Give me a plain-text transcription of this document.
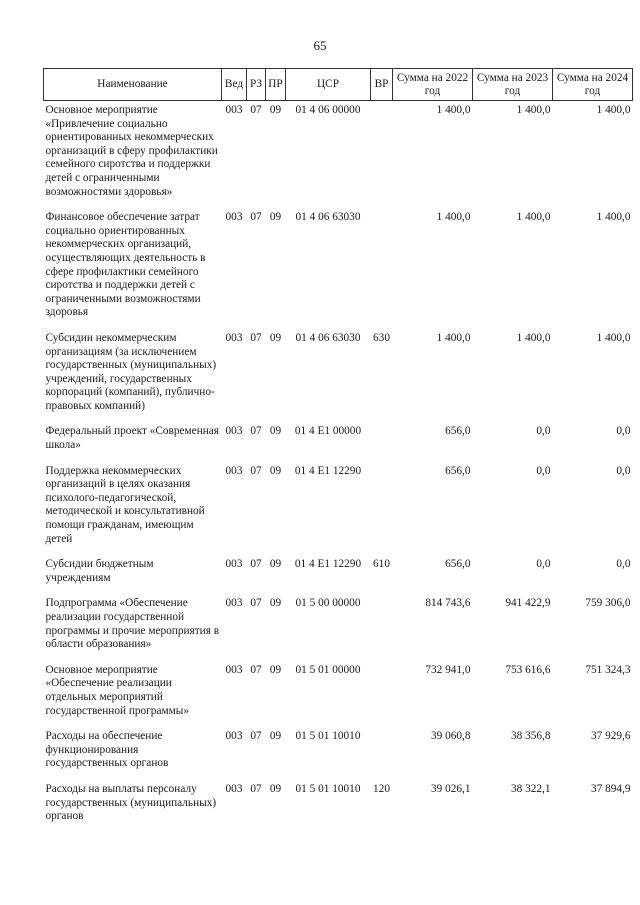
65
Наименование	Вед	РЗ	ПР	ЦСР	ВР	Сумма на 2022 год	Сумма на 2023 год	Сумма на 2024 год
Основное мероприятие «Привлечение социально ориентированных некоммерческих организаций в сферу профилактики семейного сиротства и поддержки детей с ограниченными возможностями здоровья»	003	07	09	01 4 06 00000		1 400,0	1 400,0	1 400,0
Финансовое обеспечение затрат социально ориентированных некоммерческих организаций, осуществляющих деятельность в сфере профилактики семейного сиротства и поддержки детей с ограниченными возможностями здоровья	003	07	09	01 4 06 63030		1 400,0	1 400,0	1 400,0
Субсидии некоммерческим организациям (за исключением государственных (муниципальных) учреждений, государственных корпораций (компаний), публично-правовых компаний)	003	07	09	01 4 06 63030	630	1 400,0	1 400,0	1 400,0
Федеральный проект «Современная школа»	003	07	09	01 4 E1 00000		656,0	0,0	0,0
Поддержка некоммерческих организаций в целях оказания психолого-педагогической, методической и консультативной помощи гражданам, имеющим детей	003	07	09	01 4 E1 12290		656,0	0,0	0,0
Субсидии бюджетным учреждениям	003	07	09	01 4 E1 12290	610	656,0	0,0	0,0
Подпрограмма «Обеспечение реализации государственной программы и прочие мероприятия в области образования»	003	07	09	01 5 00 00000		814 743,6	941 422,9	759 306,0
Основное мероприятие «Обеспечение реализации отдельных мероприятий государственной программы»	003	07	09	01 5 01 00000		732 941,0	753 616,6	751 324,3
Расходы на обеспечение функционирования государственных органов	003	07	09	01 5 01 10010		39 060,8	38 356,8	37 929,6
Расходы на выплаты персоналу государственных (муниципальных) органов	003	07	09	01 5 01 10010	120	39 026,1	38 322,1	37 894,9
